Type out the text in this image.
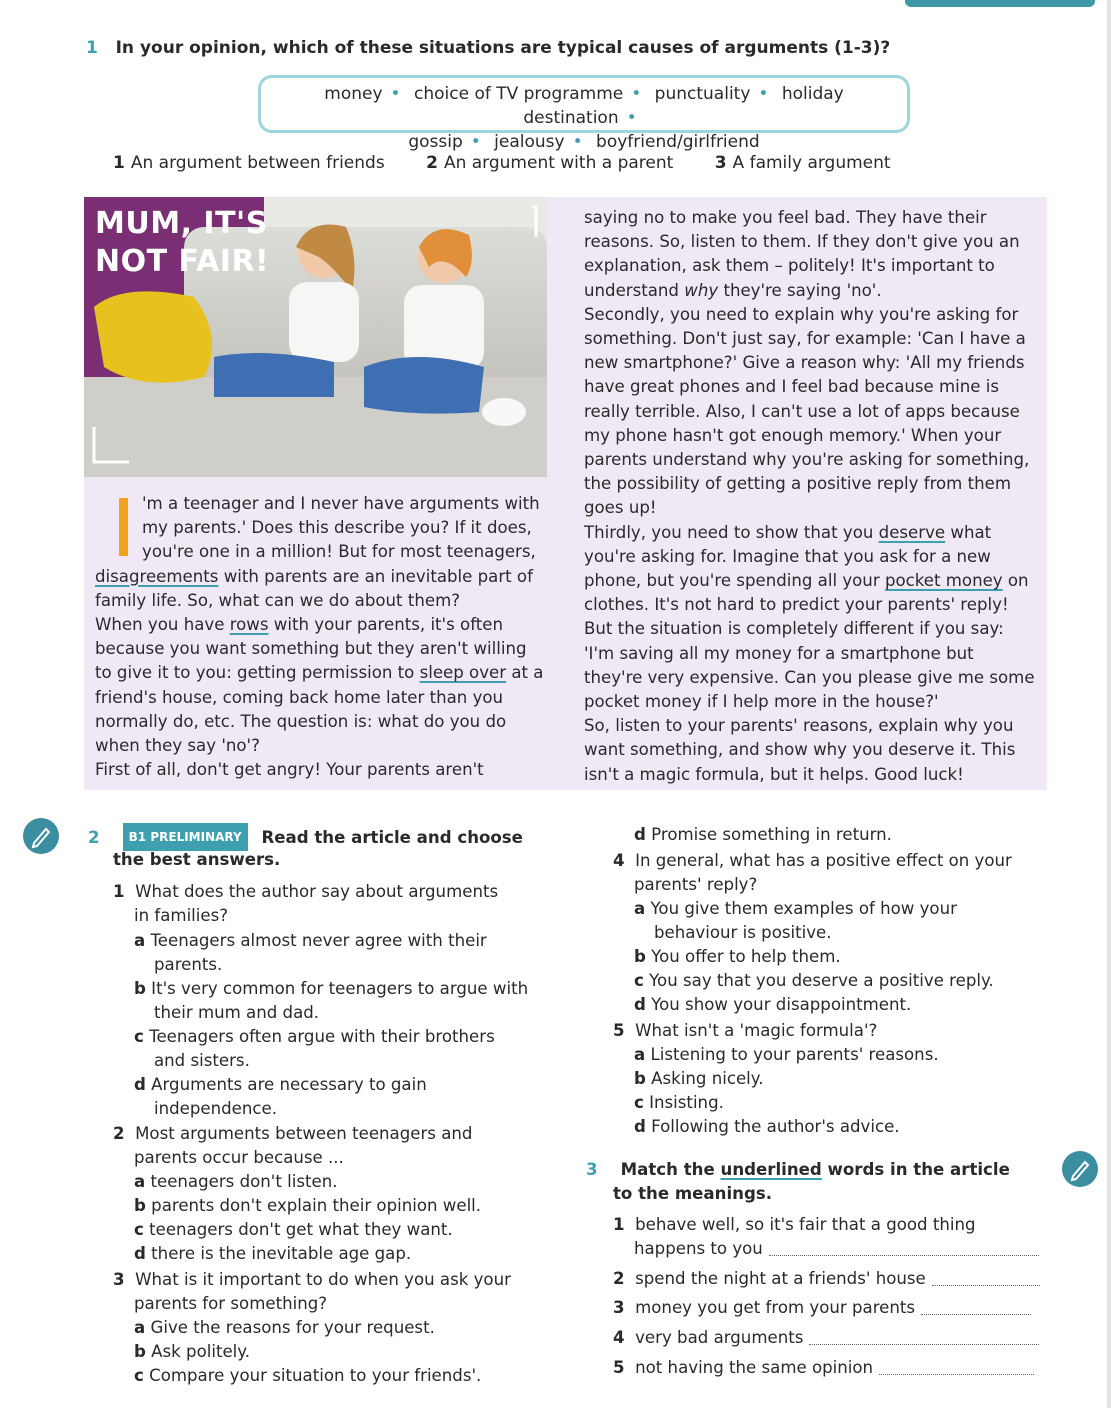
1 In your opinion, which of these situations are typical causes of arguments (1-3)?
money • choice of TV programme • punctuality • holiday destination •
gossip • jealousy • boyfriend/girlfriend
1 An argument between friends 2 An argument with a parent 3 A family argument
MUM, IT'S
NOT FAIR!

'm a teenager and I never have arguments with my parents.' Does this describe you? If it does, you're one in a million! But for most teenagers, disagreements with parents are an inevitable part of family life. So, what can we do about them?

When you have rows with your parents, it's often because you want something but they aren't willing to give it to you: getting permission to sleep over at a friend's house, coming back home later than you normally do, etc. The question is: what do you do when they say 'no'?

First of all, don't get angry! Your parents aren't

saying no to make you feel bad. They have their reasons. So, listen to them. If they don't give you an explanation, ask them – politely! It's important to understand why they're saying 'no'.

Secondly, you need to explain why you're asking for something. Don't just say, for example: 'Can I have a new smartphone?' Give a reason why: 'All my friends have great phones and I feel bad because mine is really terrible. Also, I can't use a lot of apps because my phone hasn't got enough memory.' When your parents understand why you're asking for something, the possibility of getting a positive reply from them goes up!

Thirdly, you need to show that you deserve what you're asking for. Imagine that you ask for a new phone, but you're spending all your pocket money on clothes. It's not hard to predict your parents' reply! But the situation is completely different if you say: 'I'm saving all my money for a smartphone but they're very expensive. Can you please give me some pocket money if I help more in the house?'

So, listen to your parents' reasons, explain why you want something, and show why you deserve it. This isn't a magic formula, but it helps. Good luck!

2 B1 PRELIMINARY Read the article and choose
the best answers.
1 What does the author say about arguments
in families?
a Teenagers almost never agree with their
parents.
b It's very common for teenagers to argue with
their mum and dad.
c Teenagers often argue with their brothers
and sisters.
d Arguments are necessary to gain
independence.
2 Most arguments between teenagers and
parents occur because ...
a teenagers don't listen.
b parents don't explain their opinion well.
c teenagers don't get what they want.
d there is the inevitable age gap.
3 What is it important to do when you ask your
parents for something?
a Give the reasons for your request.
b Ask politely.
c Compare your situation to your friends'.
d Promise something in return.
4 In general, what has a positive effect on your
parents' reply?
a You give them examples of how your
behaviour is positive.
b You offer to help them.
c You say that you deserve a positive reply.
d You show your disappointment.
5 What isn't a 'magic formula'?
a Listening to your parents' reasons.
b Asking nicely.
c Insisting.
d Following the author's advice.
3 Match the underlined words in the article
to the meanings.
1 behave well, so it's fair that a good thing
happens to you
2 spend the night at a friends' house
3 money you get from your parents
4 very bad arguments
5 not having the same opinion
